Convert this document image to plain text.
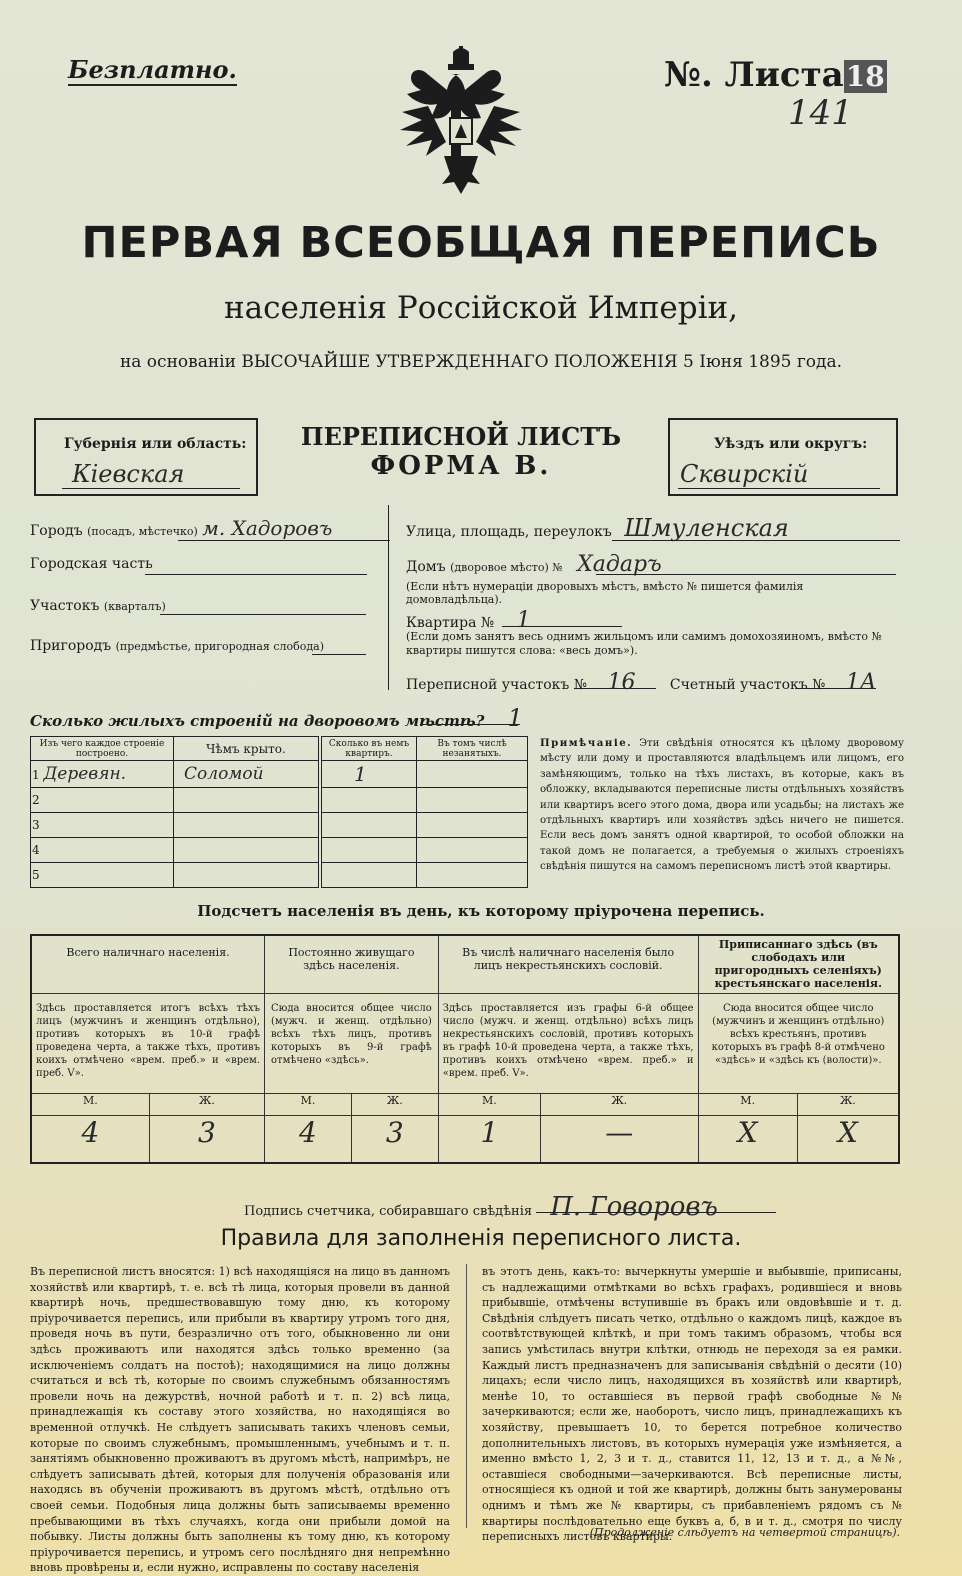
Безплатно.	№. Листа18
141
ПЕРВАЯ ВСЕОБЩАЯ ПЕРЕПИСЬ
населенія Россійской Имперіи,
на основаніи ВЫСОЧАЙШЕ УТВЕРЖДЕННАГО ПОЛОЖЕНІЯ 5 Іюня 1895 года.
Губернія или область:
Кіевская
ПЕРЕПИСНОЙ ЛИСТЪ
ФОРМА В.
Уѣздъ или округъ:
Сквирскій
Городъ (посадъ, мѣстечко) м. Хадоровъ
Городская часть
Участокъ (кварталъ)
Пригородъ (предмѣстье, пригородная слобода)
Улица, площадь, переулокъ Шмуленская
Домъ (дворовое мѣсто) № Хадаръ
(Если нѣтъ нумераціи дворовыхъ мѣстъ, вмѣсто № пишется фамилія домовладѣльца).
Квартира № 1
(Если домъ занятъ весь однимъ жильцомъ или самимъ домохозяиномъ, вмѣсто № квартиры пишутся слова: «весь домъ»).
Переписной участокъ № 16 Счетный участокъ № 1А
Сколько жилыхъ строеній на дворовомъ мѣстѣ? 1
Изъ чего каждое строеніе построено.	Чѣмъ крыто.	Сколько въ немъ квартиръ.	Въ томъ числѣ незанятыхъ.
1 Деревян.	Соломой	1	
2			
3			
4			
5			
Примѣчаніе. Эти свѣдѣнія относятся къ цѣлому дворовому мѣсту или дому и проставляются владѣльцемъ или лицомъ, его замѣняющимъ, только на тѣхъ листахъ, въ которые, какъ въ обложку, вкладываются переписные листы отдѣльныхъ хозяйствъ или квартиръ всего этого дома, двора или усадьбы; на листахъ же отдѣльныхъ квартиръ или хозяйствъ здѣсь ничего не пишется. Если весь домъ занятъ одной квартирой, то особой обложки на такой домъ не полагается, а требуемыя о жилыхъ строеніяхъ свѣдѣнія пишутся на самомъ переписномъ листѣ этой квартиры.
Подсчетъ населенія въ день, къ которому пріурочена перепись.
Всего наличнаго населенія.		Постоянно живущаго здѣсь населенія.		Въ числѣ наличнаго населенія было лицъ некрестьянскихъ сословій.		Приписаннаго здѣсь (въ слободахъ или пригородныхъ селеніяхъ) крестьянскаго населенія.	
Здѣсь проставляется итогъ всѣхъ тѣхъ лицъ (мужчинъ и женщинъ отдѣльно), противъ которыхъ въ 10-й графѣ проведена черта, а также тѣхъ, противъ коихъ отмѣчено «врем. преб.» и «врем. преб. V».		Сюда вносится общее число (мужч. и женщ. отдѣльно) всѣхъ тѣхъ лицъ, противъ которыхъ въ 9-й графѣ отмѣчено «здѣсь».		Здѣсь проставляется изъ графы 6-й общее число (мужч. и женщ. отдѣльно) всѣхъ лицъ некрестьянскихъ сословій, противъ которыхъ въ графѣ 10-й проведена черта, а также тѣхъ, противъ коихъ отмѣчено «врем. преб.» и «врем. преб. V».		Сюда вносится общее число (мужчинъ и женщинъ отдѣльно) всѣхъ крестьянъ, противъ которыхъ въ графѣ 8-й отмѣчено «здѣсь» и «здѣсь къ (волости)».	
М.	Ж.	М.	Ж.	М.	Ж.	М.	Ж.
4	3	4	3	1	—	X	X
Подпись счетчика, собиравшаго свѣдѣнія П. Говоровъ
Правила для заполненія переписного листа.
Въ переписной листъ вносятся: 1) всѣ находящіяся на лицо въ данномъ хозяйствѣ или квартирѣ, т. е. всѣ тѣ лица, которыя провели въ данной квартирѣ ночь, предшествовавшую тому дню, къ которому пріурочивается перепись, или прибыли въ квартиру утромъ того дня, проведя ночь въ пути, безразлично отъ того, обыкновенно ли они здѣсь проживаютъ или находятся здѣсь только временно (за исключеніемъ солдатъ на постоѣ); находящимися на лицо должны считаться и всѣ тѣ, которые по своимъ служебнымъ обязанностямъ провели ночь на дежурствѣ, ночной работѣ и т. п. 2) всѣ лица, принадлежащія къ составу этого хозяйства, но находящіяся во временной отлучкѣ. Не слѣдуетъ записывать такихъ членовъ семьи, которые по своимъ служебнымъ, промышленнымъ, учебнымъ и т. п. занятіямъ обыкновенно проживаютъ въ другомъ мѣстѣ, напримѣръ, не слѣдуетъ записывать дѣтей, которыя для полученія образованія или находясь въ обученіи проживаютъ въ другомъ мѣстѣ, отдѣльно отъ своей семьи. Подобныя лица должны быть записываемы временно пребывающими въ тѣхъ случаяхъ, когда они прибыли домой на побывку. Листы должны быть заполнены къ тому дню, къ которому пріурочивается перепись, и утромъ сего послѣдняго дня непремѣнно вновь провѣрены и, если нужно, исправлены по составу населенія
въ этотъ день, какъ-то: вычеркнуты умершіе и выбывшіе, приписаны, съ надлежащими отмѣтками во всѣхъ графахъ, родившіеся и вновь прибывшіе, отмѣчены вступившіе въ бракъ или овдовѣвшіе и т. д. Свѣдѣнія слѣдуетъ писать четко, отдѣльно о каждомъ лицѣ, каждое въ соотвѣтствующей клѣткѣ, и при томъ такимъ образомъ, чтобы вся запись умѣстилась внутри клѣтки, отнюдь не переходя за ея рамки. Каждый листъ предназначенъ для записыванія свѣдѣній о десяти (10) лицахъ; если число лицъ, находящихся въ хозяйствѣ или квартирѣ, менѣе 10, то оставшіеся въ первой графѣ свободные №№ зачеркиваются; если же, наоборотъ, число лицъ, принадлежащихъ къ хозяйству, превышаетъ 10, то берется потребное количество дополнительныхъ листовъ, въ которыхъ нумерація уже измѣняется, а именно вмѣсто 1, 2, 3 и т. д., ставится 11, 12, 13 и т. д., а №№, оставшіеся свободными—зачеркиваются. Всѣ переписные листы, относящіеся къ одной и той же квартирѣ, должны быть занумерованы однимъ и тѣмъ же № квартиры, съ прибавленіемъ рядомъ съ № квартиры послѣдовательно еще буквъ а, б, в и т. д., смотря по числу переписныхъ листовъ квартиры.
(Продолженіе слѣдуетъ на четвертой страницѣ).
